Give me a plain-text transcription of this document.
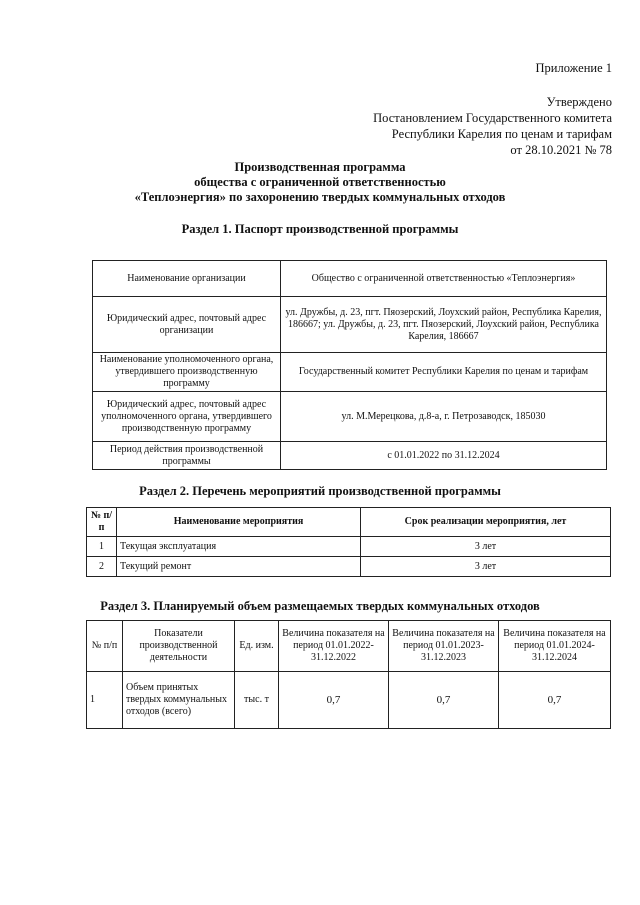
Приложение 1
Утверждено
Постановлением Государственного комитета
Республики Карелия по ценам и тарифам
от 28.10.2021 № 78
Производственная программа
общества с ограниченной ответственностью
«Теплоэнергия» по захоронению твердых коммунальных отходов
Раздел 1. Паспорт производственной программы
Наименование организации	Общество с ограниченной ответственностью «Теплоэнергия»
Юридический адрес, почтовый адрес организации	ул. Дружбы, д. 23, пгт. Пяозерский, Лоухский район, Республика Карелия, 186667; ул. Дружбы, д. 23, пгт. Пяозерский, Лоухский район, Республика Карелия, 186667
Наименование уполномоченного органа, утвердившего производственную программу	Государственный комитет Республики Карелия по ценам и тарифам
Юридический адрес, почтовый адрес уполномоченного органа, утвердившего производственную программу	ул. М.Мерецкова, д.8-а, г. Петрозаводск, 185030
Период действия производственной программы	с 01.01.2022 по 31.12.2024
Раздел 2. Перечень мероприятий производственной программы
№ п/п	Наименование мероприятия	Срок реализации мероприятия, лет
1	Текущая эксплуатация	3 лет
2	Текущий ремонт	3 лет
Раздел 3. Планируемый объем размещаемых твердых коммунальных отходов
№ п/п	Показатели производственной деятельности	Ед. изм.	Величина показателя на период 01.01.2022-31.12.2022	Величина показателя на период 01.01.2023-31.12.2023	Величина показателя на период 01.01.2024-31.12.2024
1	Объем принятых твердых коммунальных отходов (всего)	тыс. т	0,7	0,7	0,7
